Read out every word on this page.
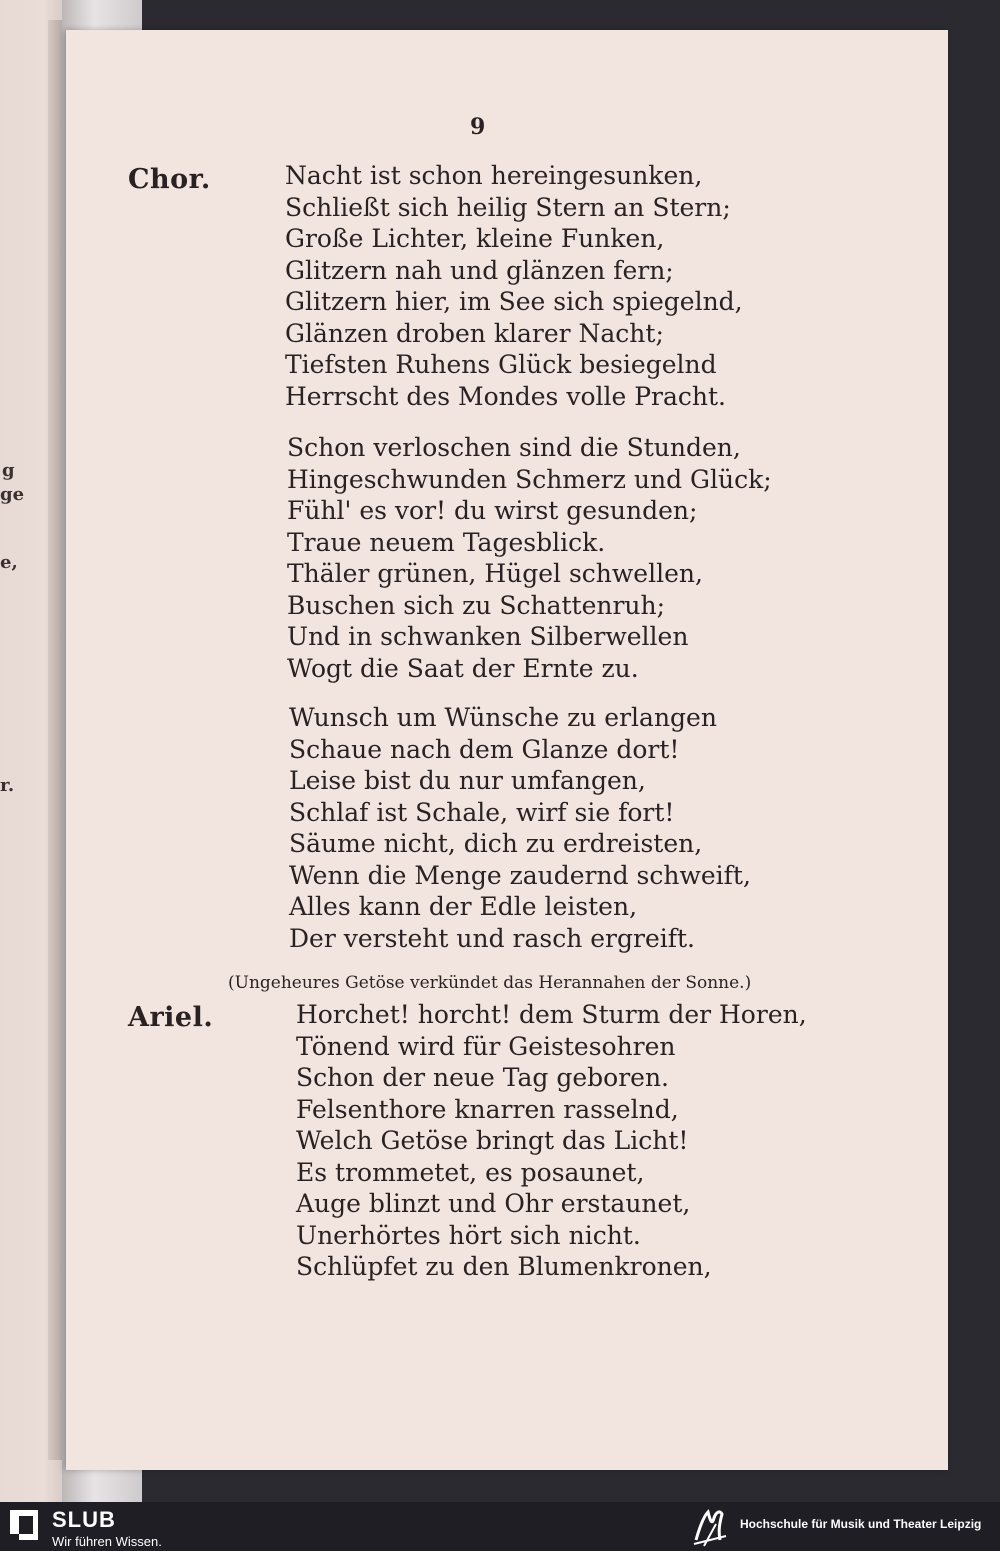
g
ge
e,
r.
9
Chor.	Nacht ist schon hereingesunken,
Schließt sich heilig Stern an Stern;
Große Lichter, kleine Funken,
Glitzern nah und glänzen fern;
Glitzern hier, im See sich spiegelnd,
Glänzen droben klarer Nacht;
Tiefsten Ruhens Glück besiegelnd
Herrscht des Mondes volle Pracht.
Schon verloschen sind die Stunden,
Hingeschwunden Schmerz und Glück;
Fühl' es vor! du wirst gesunden;
Traue neuem Tagesblick.
Thäler grünen, Hügel schwellen,
Buschen sich zu Schattenruh;
Und in schwanken Silberwellen
Wogt die Saat der Ernte zu.
Wunsch um Wünsche zu erlangen
Schaue nach dem Glanze dort!
Leise bist du nur umfangen,
Schlaf ist Schale, wirf sie fort!
Säume nicht, dich zu erdreisten,
Wenn die Menge zaudernd schweift,
Alles kann der Edle leisten,
Der versteht und rasch ergreift.
(Ungeheures Getöse verkündet das Herannahen der Sonne.)
Ariel.	Horchet! horcht! dem Sturm der Horen,
Tönend wird für Geistesohren
Schon der neue Tag geboren.
Felsenthore knarren rasselnd,
Welch Getöse bringt das Licht!
Es trommetet, es posaunet,
Auge blinzt und Ohr erstaunet,
Unerhörtes hört sich nicht.
Schlüpfet zu den Blumenkronen,
SLUB
Wir führen Wissen.
Hochschule für Musik und Theater Leipzig
